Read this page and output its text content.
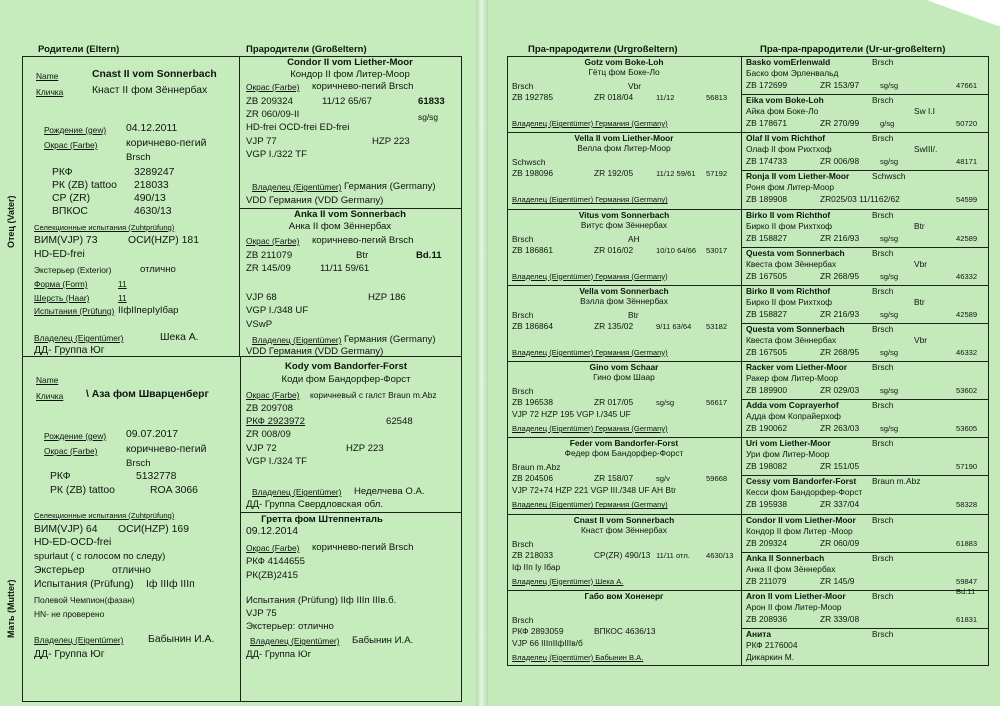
Родители (Eltern)	Прародители (Großeltern)	Пра-прародители (Urgroßeltern)	Пра-пра-прародители (Ur-ur-großeltern)
Отец (Vater)
Мать (Mutter)
Name	Cnast II vom Sonnerbach
Кличка	Кнаст II фом Зённербах
Рождение (gew) 04.12.2011
Окрас (Farbe)	коричнево-пегий
Brsch
РКФ	3289247
РК (ZB) tattoo 218033
СР (ZR)	490/13
ВПКОС	4630/13
Селекционные испытания (Zuhtprüfung)
ВИМ(VJP) 73	ОСИ(HZP) 181
HD-ED-frei
Экстерьер (Exterior)	отлично
Форма (Form)	11
Шерсть (Haar)	11
Испытания (Prüfung) IIфIIперIуIбар
Владелец (Eigentümer)	Шека А.
ДД- Группа Юг
Name
Кличка \ Аза фом Шварценберг
Рождение (gew) 09.07.2017
Окрас (Farbe)	коричнево-пегий
Brsch
РКФ	5132778
РК (ZB) tattoo	ROA 3066
Селекционные испытания (Zuhtprüfung)
ВИМ(VJP) 64 ОСИ(HZP) 169
HD-ED-OCD-frei
spurlaut ( с голосом по следу)
Экстерьер	отлично
Испытания (Prüfung) Iф IIIф IIIп
Полевой Чемпион(фазан)
HN- не проверено
Владелец (Eigentümer) Бабынин И.А.
ДД- Группа Юг
Condor II vom Liether-Moor
Кондор II фом Литер-Моор
Окрас (Farbe) коричнево-пегий Brsch
ZB 209324	11/12 65/67	61833
ZR 060/09-II	sg/sg
HD-frei OCD-frei ED-frei
VJP 77	HZP 223
VGP I./322 TF
Владелец (Eigentümer) Германия (Germany)
VDD Германия (VDD Germany)
Anka II vom Sonnerbach
Анка II фом Зённербах
Окрас (Farbe) коричнево-пегий Brsch
ZB 211079	Btr	Bd.11
ZR 145/09	11/11 59/61
VJP 68	HZP 186
VGP I./348 UF
VSwP
Владелец (Eigentümer) Германия (Germany)
VDD Германия (VDD Germany)
Kody vom Bandorfer-Forst
Коди фом Бандорфер-Форст
Окрас (Farbe) коричневый с галст Braun m.Abz
ZB 209708
РКФ 2923972	62548
ZR 008/09
VJP 72	HZP 223
VGP I./324 TF
Владелец (Eigentümer) Неделчева О.А.
ДД- Группа Свердловская обл.
Гретта фом Штеппенталь
09.12.2014
Окрас (Farbe) коричнево-пегий Brsch
РКФ 4144655
РК(ZB)2415
Испытания (Prüfung) IIф IIIп IIIв.б.
VJP 75
Экстерьер: отлично
Владелец (Eigentümer) Бабынин И.А.
ДД- Группа Юг
Gotz vom Boke-Loh
Гётц фом Боке-Ло
Brsch	Vbr
ZB 192785	ZR 018/04	11/12	56813
Владелец (Eigentümer) Германия (Germany)
Vella II vom Liether-Moor
Велла фом Литер-Моор
Schwsch
ZB 198096	ZR 192/05	11/12 59/61 57192
Владелец (Eigentümer) Германия (Germany)
Vitus vom Sonnerbach
Витус фом Зённербах
Brsch	AH
ZB 186861	ZR 016/02	10/10 64/66 53017
Владелец (Eigentümer) Германия (Germany)
Vella vom Sonnerbach
Вэлла фом Зённербах
Brsch	Btr
ZB 186864	ZR 135/02	9/11 63/64 53182
Владелец (Eigentümer) Германия (Germany)
Gino vom Schaar
Гино фом Шаар
Brsch
ZB 196538	ZR 017/05	sg/sg	56617
VJP 72 HZP 195 VGP I./345 UF
Владелец (Eigentümer) Германия (Germany)
Feder vom Bandorfer-Forst
Федер фом Бандорфер-Форст
Braun m.Abz
ZB 204506	ZR 158/07	sg/v	59668
VJP 72+74 HZP 221 VGP III./348 UF AH Btr
Владелец (Eigentümer) Германия (Germany)
Cnast II vom Sonnerbach
Кнаст фом Зённербах
Brsch
ZB 218033	CP(ZR) 490/13 11/11 отл. 4630/13
Iф IIп Iу Iбар
Владелец (Eigentümer) Шека А.
Габо вом Хоненерг
Brsch
РКФ 2893059	ВПКОС 4636/13
VJP 66 IIIпIIфIIIв/б
Владелец (Eigentümer) Бабынин В.А.
Basko vomErlenwald	Brsch
Баско фом Эрленвальд
ZB 172699	ZR 153/97	sg/sg	47661
Eika vom Boke-Loh	Brsch
Айка фом Боке-Ло	Sw I.I
ZB 178671	ZR 270/99	g/sg	50720
Olaf II vom Richthof	Brsch
Олаф II фом Рихтхоф	SwIII/.
ZB 174733	ZR 006/98	sg/sg	48171
Ronja II vom Liether-Moor	Schwsch
Роня фом Литер-Моор
ZB 189908	ZR025/03 11/1162/62	54599
Birko II vom Richthof	Brsch
Бирко II фом Рихтхоф	Btr
ZB 158827	ZR 216/93	sg/sg	42589
Questa vom Sonnerbach	Brsch
Квеста фом Зённербах	Vbr
ZB 167505	ZR 268/95	sg/sg	46332
Birko II vom Richthof	Brsch
Бирко II фом Рихтхоф	Btr
ZB 158827	ZR 216/93	sg/sg	42589
Questa vom Sonnerbach	Brsch
Квеста фом Зённербах	Vbr
ZB 167505	ZR 268/95	sg/sg	46332
Racker vom Liether-Moor	Brsch
Ракер фом Литер-Моор
ZB 189900	ZR 029/03	sg/sg	53602
Adda vom Coprayerhof	Brsch
Адда фом Копрайерхоф
ZB 190062	ZR 263/03	sg/sg	53605
Uri vom Liether-Moor	Brsch
Ури фом Литер-Моор
ZB 198082	ZR 151/05	57190
Cessy vom Bandorfer-Forst Braun m.Abz
Кесси фом Бандорфер-Форст
ZB 195938	ZR 337/04	58328
Condor II vom Liether-Moor Brsch
Кондор II фом Литер -Моор
ZB 209324	ZR 060/09	61883
Anka II Sonnerbach	Brsch
Анка II фом Зённербах
ZB 211079	ZR 145/9	59847
Bd.11
Aron II vom Liether-Moor	Brsch
Арон II фом Литер-Моор
ZB 208936	ZR 339/08	61831
Анита	Brsch
РКФ 2176004
Дикаркин М.
